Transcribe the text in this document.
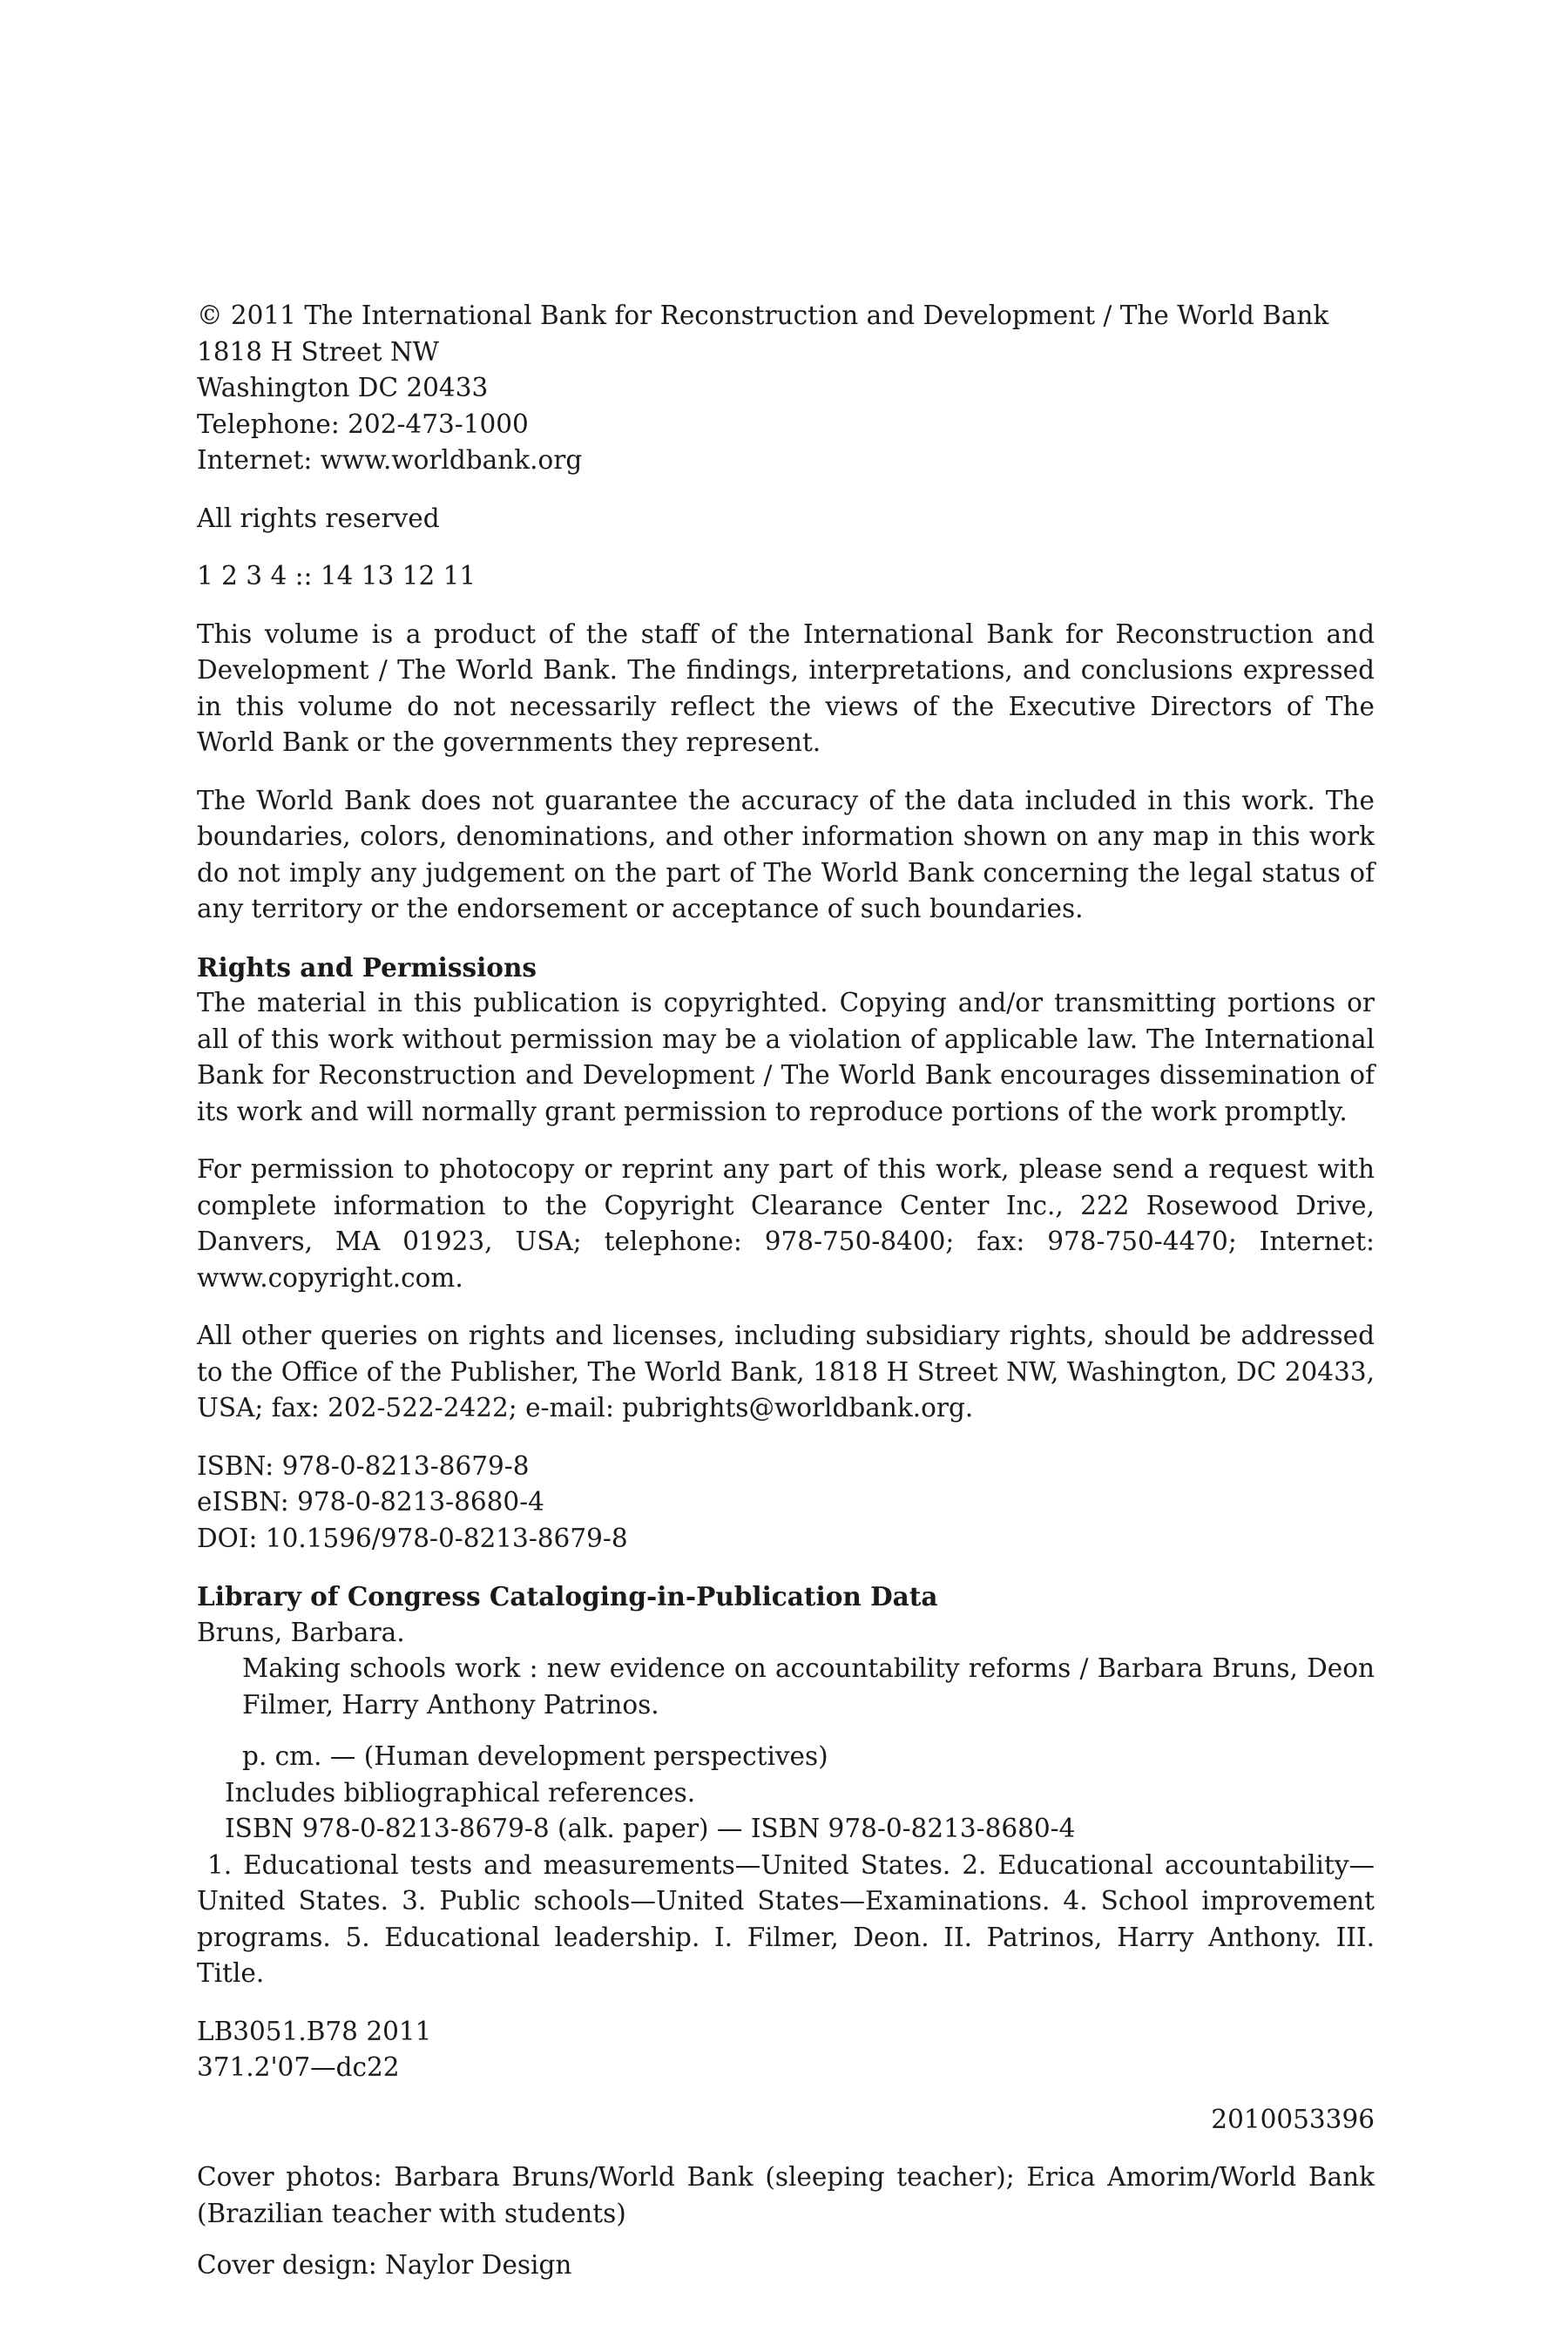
© 2011 The International Bank for Reconstruction and Development / The World Bank
1818 H Street NW
Washington DC 20433
Telephone: 202-473-1000
Internet: www.worldbank.org
All rights reserved
1 2 3 4 :: 14 13 12 11

This volume is a product of the staff of the International Bank for Reconstruction and Development / The World Bank. The findings, interpretations, and conclusions expressed in this volume do not necessarily reflect the views of the Executive Directors of The World Bank or the governments they represent.

The World Bank does not guarantee the accuracy of the data included in this work. The boundaries, colors, denominations, and other information shown on any map in this work do not imply any judgement on the part of The World Bank concerning the legal status of any territory or the endorsement or acceptance of such boundaries.

Rights and Permissions

The material in this publication is copyrighted. Copying and/or transmitting portions or all of this work without permission may be a violation of applicable law. The International Bank for Reconstruction and Development / The World Bank encourages dissemination of its work and will normally grant permission to reproduce portions of the work promptly.

For permission to photocopy or reprint any part of this work, please send a request with complete information to the Copyright Clearance Center Inc., 222 Rosewood Drive, Danvers, MA 01923, USA; telephone: 978-750-8400; fax: 978-750-4470; Internet: www.copyright.com.

All other queries on rights and licenses, including subsidiary rights, should be addressed to the Office of the Publisher, The World Bank, 1818 H Street NW, Washington, DC 20433, USA; fax: 202-522-2422; e-mail: pubrights@worldbank.org.

ISBN: 978-0-8213-8679-8
eISBN: 978-0-8213-8680-4
DOI: 10.1596/978-0-8213-8679-8
Library of Congress Cataloging-in-Publication Data
Bruns, Barbara.

Making schools work : new evidence on accountability reforms / Barbara Bruns, Deon Filmer, Harry Anthony Patrinos.

p. cm. — (Human development perspectives)
Includes bibliographical references.
ISBN 978-0-8213-8679-8 (alk. paper) — ISBN 978-0-8213-8680-4

1. Educational tests and measurements—United States. 2. Educational accountability—United States. 3. Public schools—United States—Examinations. 4. School improvement programs. 5. Educational leadership. I. Filmer, Deon. II. Patrinos, Harry Anthony. III. Title.

LB3051.B78 2011
371.2'07—dc22
2010053396

Cover photos: Barbara Bruns/World Bank (sleeping teacher); Erica Amorim/World Bank (Brazilian teacher with students)

Cover design: Naylor Design
